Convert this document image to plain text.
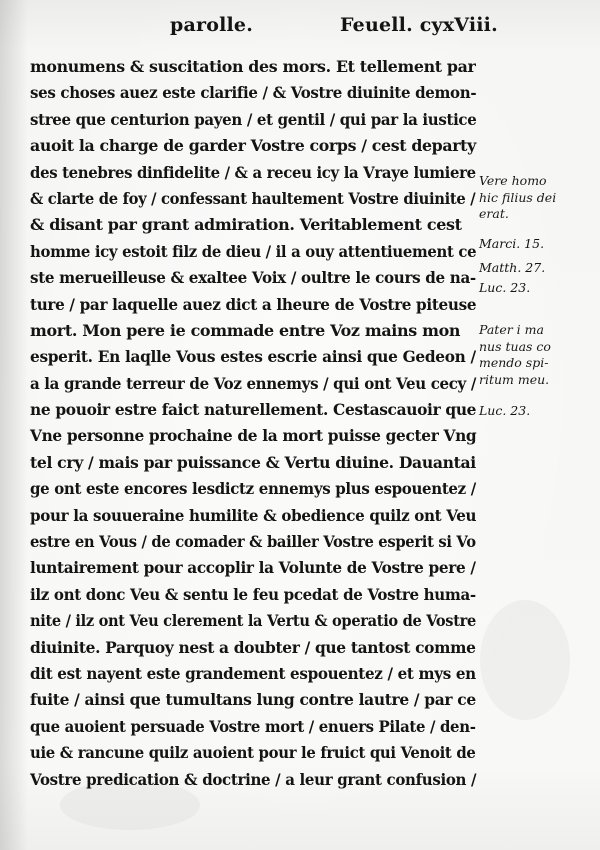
parolle.	Feuell. cyxViii.
monumens & suscitation des mors. Et tellement par
ses choses auez este clarifie / & Vostre diuinite demon-
stree que centurion payen / et gentil / qui par la iustice
auoit la charge de garder Vostre corps / cest departy
des tenebres dinfidelite / & a receu icy la Vraye lumiere
& clarte de foy / confessant haultement Vostre diuinite /
& disant par grant admiration. Veritablement cest
homme icy estoit filz de dieu / il a ouy attentiuement ce
ste merueilleuse & exaltee Voix / oultre le cours de na-
ture / par laquelle auez dict a lheure de Vostre piteuse
mort. Mon pere ie commade entre Voz mains mon
esperit. En laqlle Vous estes escrie ainsi que Gedeon /
a la grande terreur de Voz ennemys / qui ont Veu cecy /
ne pouoir estre faict naturellement. Cestascauoir que
Vne personne prochaine de la mort puisse gecter Vng
tel cry / mais par puissance & Vertu diuine. Dauantai
ge ont este encores lesdictz ennemys plus espouentez /
pour la souueraine humilite & obedience quilz ont Veu
estre en Vous / de comader & bailler Vostre esperit si Vo
luntairement pour accoplir la Volunte de Vostre pere /
ilz ont donc Veu & sentu le feu pcedat de Vostre huma-
nite / ilz ont Veu clerement la Vertu & operatio de Vostre
diuinite. Parquoy nest a doubter / que tantost comme
dit est nayent este grandement espouentez / et mys en
fuite / ainsi que tumultans lung contre lautre / par ce
que auoient persuade Vostre mort / enuers Pilate / den-
uie & rancune quilz auoient pour le fruict qui Venoit de
Vostre predication & doctrine / a leur grant confusion /
Vere homo
hic filius dei
erat.

Marci. 15.

Matth. 27.

Luc. 23.

Pater i ma
nus tuas co
mendo spi-
ritum meu.

Luc. 23.
